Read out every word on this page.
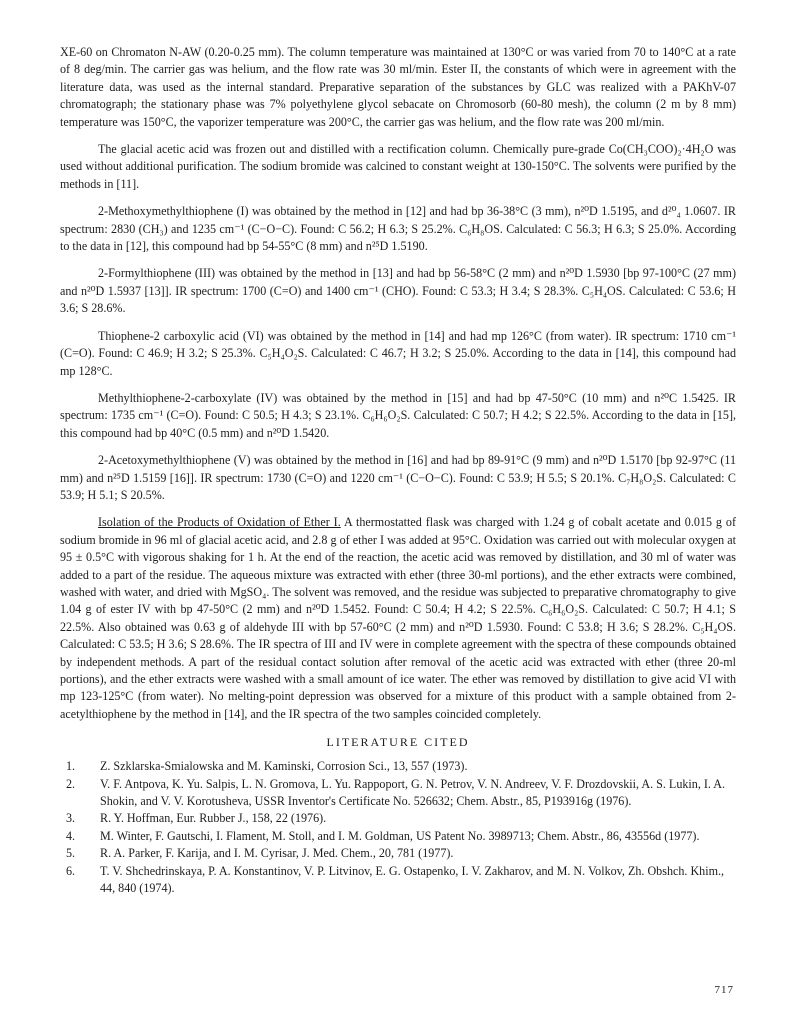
XE-60 on Chromaton N-AW (0.20-0.25 mm). The column temperature was maintained at 130°C or was varied from 70 to 140°C at a rate of 8 deg/min. The carrier gas was helium, and the flow rate was 30 ml/min. Ester II, the constants of which were in agreement with the literature data, was used as the internal standard. Preparative separation of the substances by GLC was realized with a PAKhV-07 chromatograph; the stationary phase was 7% polyethylene glycol sebacate on Chromosorb (60-80 mesh), the column (2 m by 8 mm) temperature was 150°C, the vaporizer temperature was 200°C, the carrier gas was helium, and the flow rate was 200 ml/min.

The glacial acetic acid was frozen out and distilled with a rectification column. Chemically pure-grade Co(CH₃COO)₂·4H₂O was used without additional purification. The sodium bromide was calcined to constant weight at 130-150°C. The solvents were purified by the methods in [11].

2-Methoxymethylthiophene (I) was obtained by the method in [12] and had bp 36-38°C (3 mm), n²⁰D 1.5195, and d²⁰₄ 1.0607. IR spectrum: 2830 (CH₃) and 1235 cm⁻¹ (C−O−C). Found: C 56.2; H 6.3; S 25.2%. C₆H₈OS. Calculated: C 56.3; H 6.3; S 25.0%. According to the data in [12], this compound had bp 54-55°C (8 mm) and n²⁵D 1.5190.

2-Formylthiophene (III) was obtained by the method in [13] and had bp 56-58°C (2 mm) and n²⁰D 1.5930 [bp 97-100°C (27 mm) and n²⁰D 1.5937 [13]]. IR spectrum: 1700 (C=O) and 1400 cm⁻¹ (CHO). Found: C 53.3; H 3.4; S 28.3%. C₅H₄OS. Calculated: C 53.6; H 3.6; S 28.6%.

Thiophene-2 carboxylic acid (VI) was obtained by the method in [14] and had mp 126°C (from water). IR spectrum: 1710 cm⁻¹ (C=O). Found: C 46.9; H 3.2; S 25.3%. C₅H₄O₂S. Calculated: C 46.7; H 3.2; S 25.0%. According to the data in [14], this compound had mp 128°C.

Methylthiophene-2-carboxylate (IV) was obtained by the method in [15] and had bp 47-50°C (10 mm) and n²⁰C 1.5425. IR spectrum: 1735 cm⁻¹ (C=O). Found: C 50.5; H 4.3; S 23.1%. C₆H₆O₂S. Calculated: C 50.7; H 4.2; S 22.5%. According to the data in [15], this compound had bp 40°C (0.5 mm) and n²⁰D 1.5420.

2-Acetoxymethylthiophene (V) was obtained by the method in [16] and had bp 89-91°C (9 mm) and n²⁰D 1.5170 [bp 92-97°C (11 mm) and n²⁵D 1.5159 [16]]. IR spectrum: 1730 (C=O) and 1220 cm⁻¹ (C−O−C). Found: C 53.9; H 5.5; S 20.1%. C₇H₈O₂S. Calculated: C 53.9; H 5.1; S 20.5%.

Isolation of the Products of Oxidation of Ether I. A thermostatted flask was charged with 1.24 g of cobalt acetate and 0.015 g of sodium bromide in 96 ml of glacial acetic acid, and 2.8 g of ether I was added at 95°C. Oxidation was carried out with molecular oxygen at 95 ± 0.5°C with vigorous shaking for 1 h. At the end of the reaction, the acetic acid was removed by distillation, and 30 ml of water was added to a part of the residue. The aqueous mixture was extracted with ether (three 30-ml portions), and the ether extracts were combined, washed with water, and dried with MgSO₄. The solvent was removed, and the residue was subjected to preparative chromatography to give 1.04 g of ester IV with bp 47-50°C (2 mm) and n²⁰D 1.5452. Found: C 50.4; H 4.2; S 22.5%. C₆H₆O₂S. Calculated: C 50.7; H 4.1; S 22.5%. Also obtained was 0.63 g of aldehyde III with bp 57-60°C (2 mm) and n²⁰D 1.5930. Found: C 53.8; H 3.6; S 28.2%. C₅H₄OS. Calculated: C 53.5; H 3.6; S 28.6%. The IR spectra of III and IV were in complete agreement with the spectra of these compounds obtained by independent methods. A part of the residual contact solution after removal of the acetic acid was extracted with ether (three 20-ml portions), and the ether extracts were washed with a small amount of ice water. The ether was removed by distillation to give acid VI with mp 123-125°C (from water). No melting-point depression was observed for a mixture of this product with a sample obtained from 2-acetylthiophene by the method in [14], and the IR spectra of the two samples coincided completely.

LITERATURE CITED
1.	Z. Szklarska-Smialowska and M. Kaminski, Corrosion Sci., 13, 557 (1973).
2.	V. F. Antpova, K. Yu. Salpis, L. N. Gromova, L. Yu. Rappoport, G. N. Petrov, V. N. Andreev, V. F. Drozdovskii, A. S. Lukin, I. A. Shokin, and V. V. Korotusheva, USSR Inventor's Certificate No. 526632; Chem. Abstr., 85, P193916g (1976).
3.	R. Y. Hoffman, Eur. Rubber J., 158, 22 (1976).
4.	M. Winter, F. Gautschi, I. Flament, M. Stoll, and I. M. Goldman, US Patent No. 3989713; Chem. Abstr., 86, 43556d (1977).
5.	R. A. Parker, F. Karija, and I. M. Cyrisar, J. Med. Chem., 20, 781 (1977).
6.	T. V. Shchedrinskaya, P. A. Konstantinov, V. P. Litvinov, E. G. Ostapenko, I. V. Zakharov, and M. N. Volkov, Zh. Obshch. Khim., 44, 840 (1974).
717
